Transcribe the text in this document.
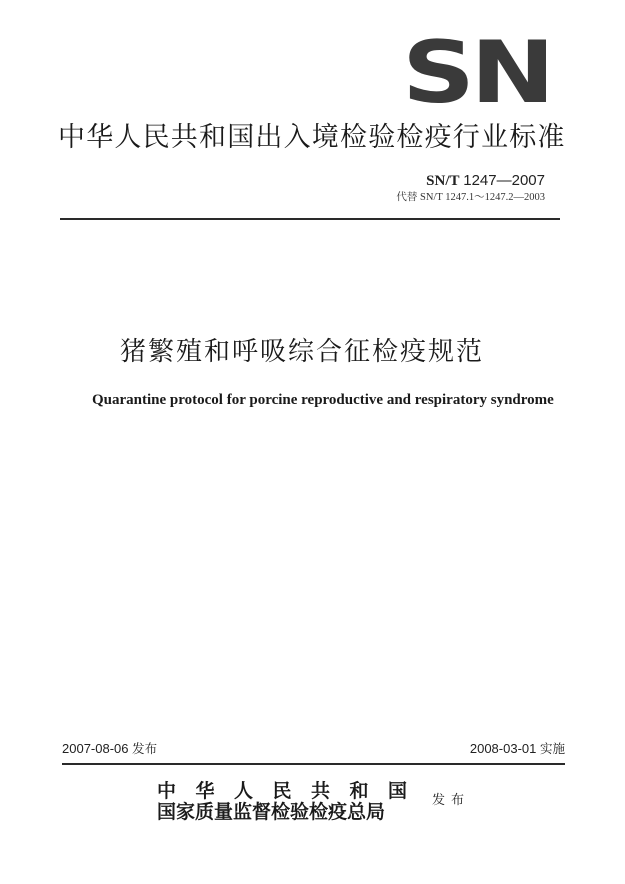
SN
中华人民共和国出入境检验检疫行业标准
SN/T 1247—2007
代替 SN/T 1247.1～1247.2—2003
猪繁殖和呼吸综合征检疫规范
Quarantine protocol for porcine reproductive and respiratory syndrome
2007-08-06 发布	2008-03-01 实施
中华人民共和国
国家质量监督检验检疫总局
发布
